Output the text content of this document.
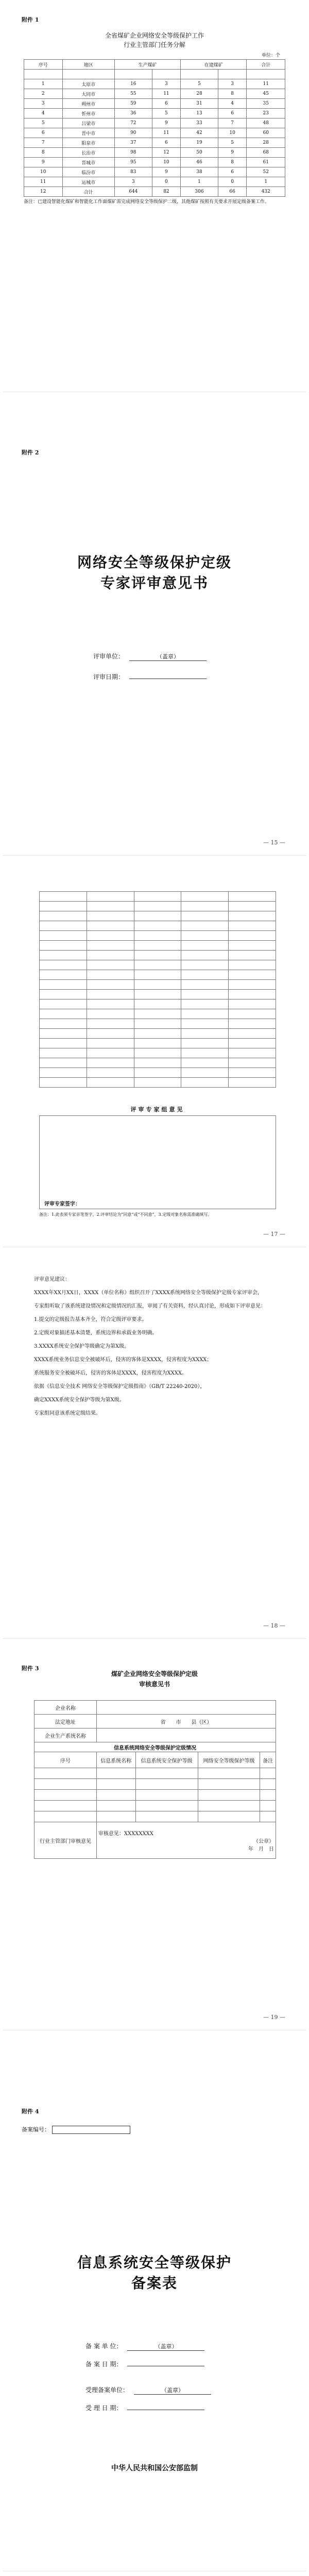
附件 1
全省煤矿企业网络安全等级保护工作
行业主管部门任务分解
单位：个
序号	地区	生产煤矿		在建煤矿		合计

1	太原市	16	3	5	3	11
2	大同市	55	11	28	8	45
3	朔州市	59	6	31	4	35
4	忻州市	36	5	13	6	23
5	吕梁市	72	9	33	7	48
6	晋中市	90	11	42	10	60
7	阳泉市	37	6	19	5	28
8	长治市	98	12	50	9	68
9	晋城市	95	10	46	8	61
10	临汾市	83	9	38	6	52
11	运城市	3	0	1	0	1
12	合计	644	82	306	66	432
备注：已建设智能化煤矿和智能化工作面煤矿需完成网络安全等级保护二级，其他煤矿按照有关要求开展定级备案工作。
附件 2
网络安全等级保护定级
专家评审意见书
评审单位：	（盖章）
评审日期：
— 15 —

评审专家组意见
评审专家签字：
备注：1.此表须专家亲笔签字，2.评审结论为“同意”或“不同意”，3.定级对象名称需准确填写。
— 17 —
评审意见建议：
XXXX年XX月XX日，XXXX（单位名称）组织召开了XXXX系统网络安全等级保护定级专家评审会，
专家组听取了该系统建设情况和定级情况的汇报，审阅了有关资料，经认真讨论，形成如下评审意见：
1.提交的定级报告基本齐全，符合定级评审要求。
2.定级对象描述基本清楚，系统边界和承载业务明确。
3.XXXX系统安全保护等级确定为第X级。
XXXX系统业务信息安全被破坏后，侵害的客体是XXXX，侵害程度为XXXX；
系统服务安全被破坏后，侵害的客体是XXXX，侵害程度为XXXX。
依据《信息安全技术 网络安全等级保护定级指南》（GB/T 22240-2020），
确定XXXX系统安全保护等级为第X级。
专家组同意该系统定级结果。
— 18 —
附件 3
煤矿企业网络安全等级保护定级
审核意见书
企业名称				
法定地址	省　　市　　县（区）			
企业生产系统名称				
信息系统网络安全等级保护定级情况				
序号	信息系统名称	信息系统安全保护等级	网络安全等级保护等级	备注

行业主管部门审核意见	审核意见：XXXXXXXX
（公章）
年　月　日			
— 19 —
附件 4
备案编号：
信息系统安全等级保护
备案表
备 案 单 位：	（盖章）
备 案 日 期：
受理备案单位：	（盖章）
受 理 日 期：
中华人民共和国公安部监制
